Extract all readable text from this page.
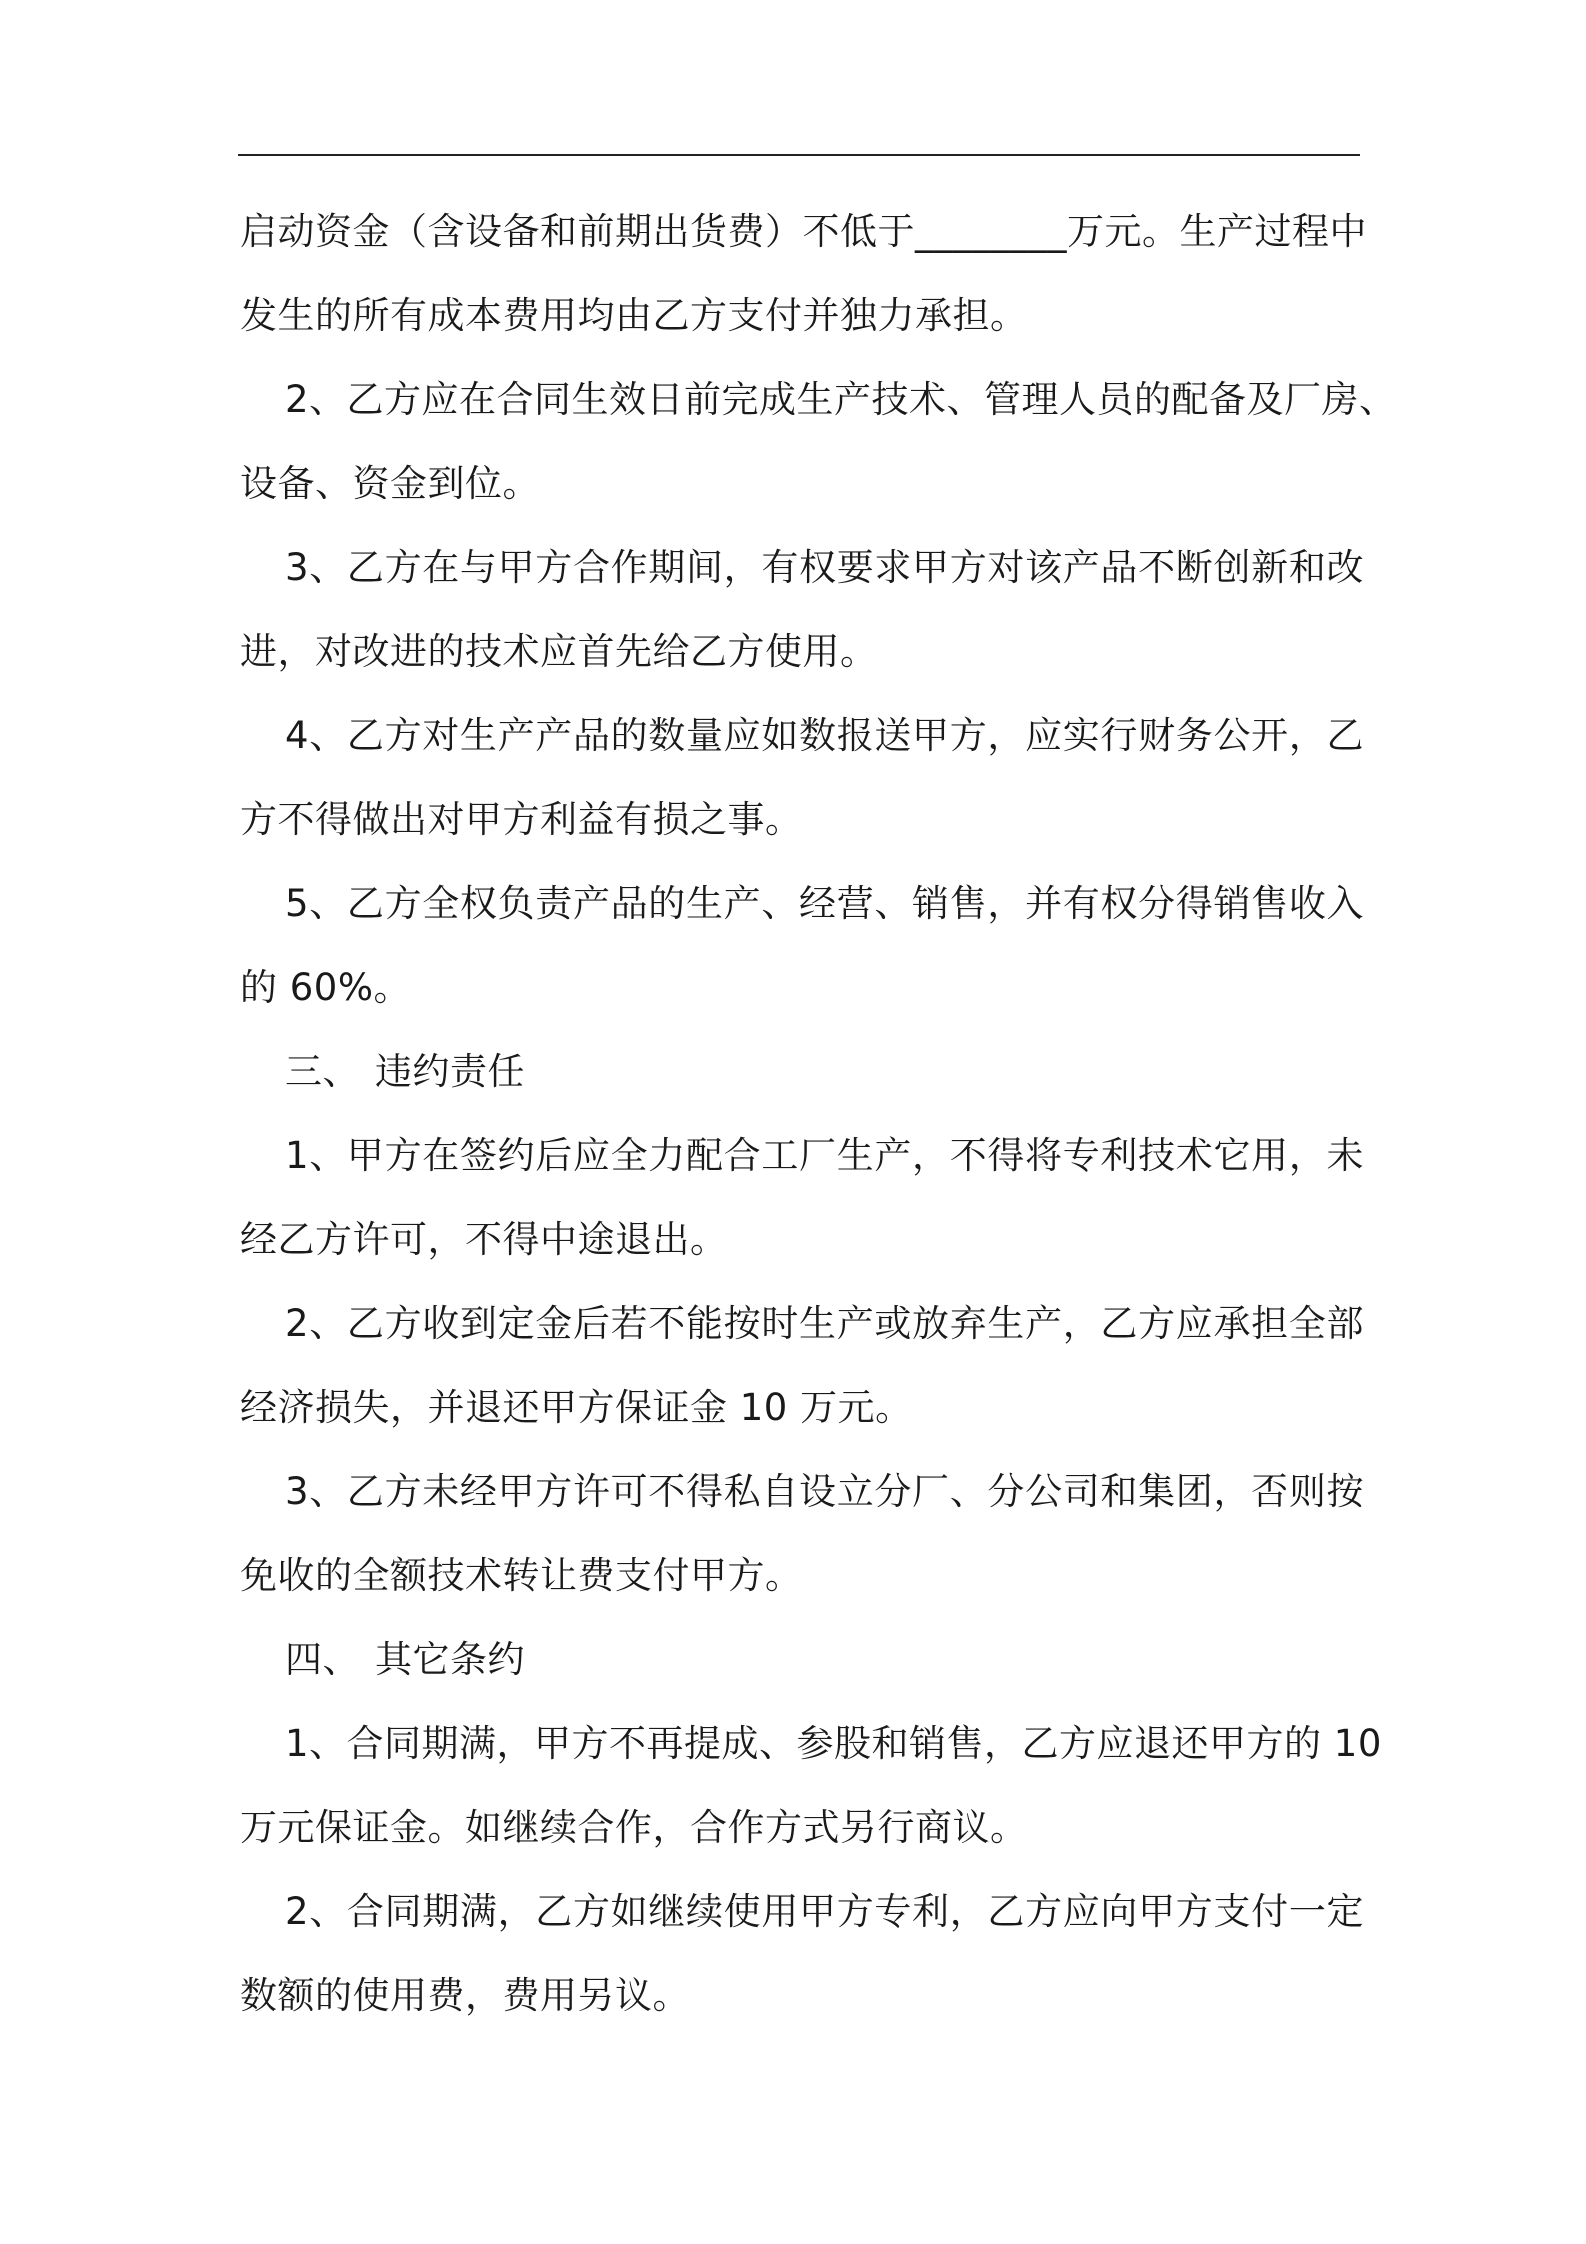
启动资金（含设备和前期出货费）不低于________万元。生产过程中
发生的所有成本费用均由乙方支付并独力承担。
2、乙方应在合同生效日前完成生产技术、管理人员的配备及厂房、
设备、资金到位。
3、乙方在与甲方合作期间，有权要求甲方对该产品不断创新和改
进，对改进的技术应首先给乙方使用。
4、乙方对生产产品的数量应如数报送甲方，应实行财务公开，乙
方不得做出对甲方利益有损之事。
5、乙方全权负责产品的生产、经营、销售，并有权分得销售收入
的 60%。
三、 违约责任
1、甲方在签约后应全力配合工厂生产，不得将专利技术它用，未
经乙方许可，不得中途退出。
2、乙方收到定金后若不能按时生产或放弃生产，乙方应承担全部
经济损失，并退还甲方保证金 10 万元。
3、乙方未经甲方许可不得私自设立分厂、分公司和集团，否则按
免收的全额技术转让费支付甲方。
四、 其它条约
1、合同期满，甲方不再提成、参股和销售，乙方应退还甲方的 10
万元保证金。如继续合作，合作方式另行商议。
2、合同期满，乙方如继续使用甲方专利，乙方应向甲方支付一定
数额的使用费，费用另议。
